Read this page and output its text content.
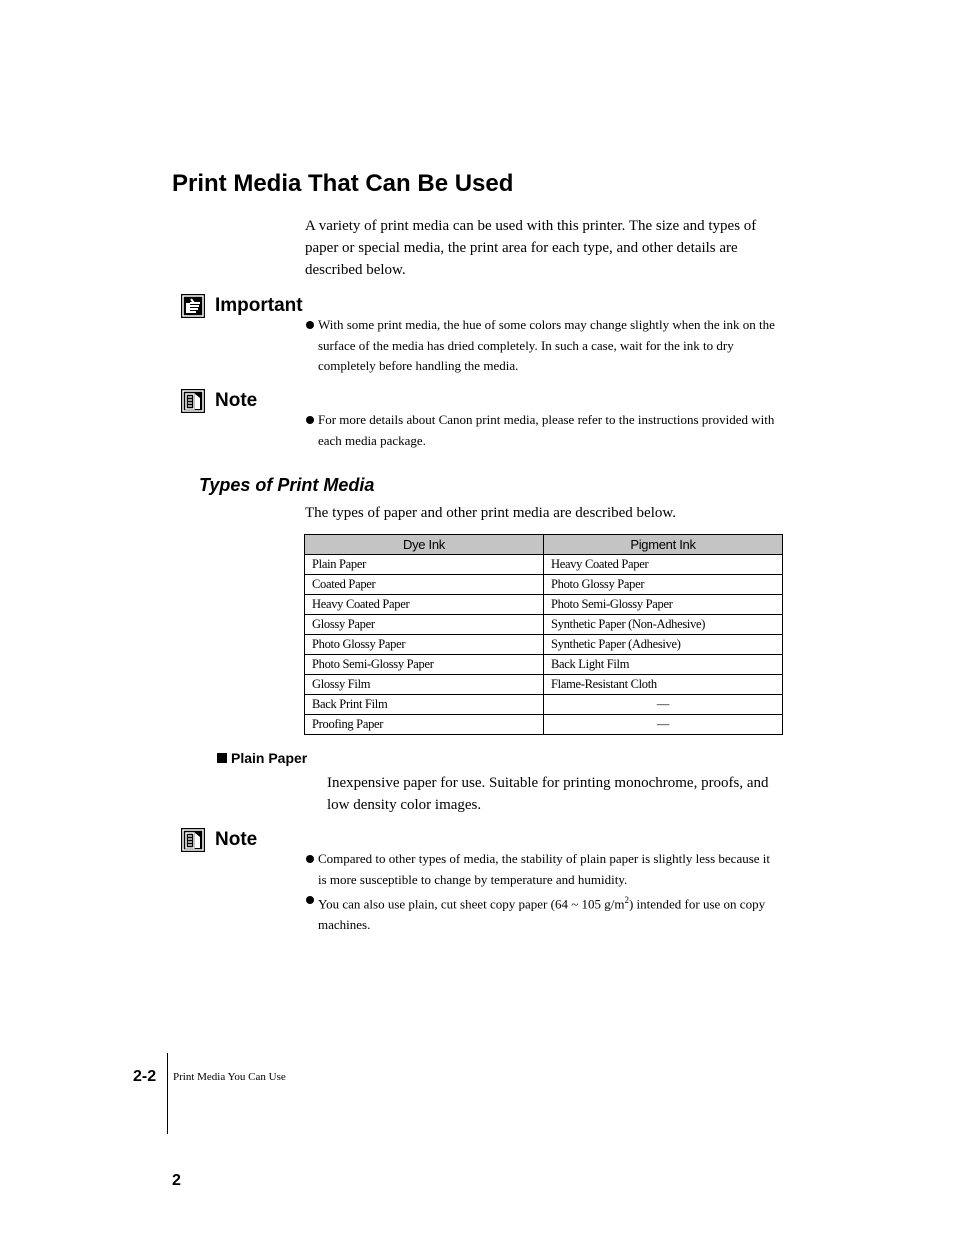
Print Media That Can Be Used
A variety of print media can be used with this printer. The size and types of paper or special media, the print area for each type, and other details are described below.
Important
With some print media, the hue of some colors may change slightly when the ink on the surface of the media has dried completely. In such a case, wait for the ink to dry completely before handling the media.
Note
For more details about Canon print media, please refer to the instructions provided with each media package.
Types of Print Media
The types of paper and other print media are described below.
Dye Ink	Pigment Ink
Plain Paper	Heavy Coated Paper
Coated Paper	Photo Glossy Paper
Heavy Coated Paper	Photo Semi-Glossy Paper
Glossy Paper	Synthetic Paper (Non-Adhesive)
Photo Glossy Paper	Synthetic Paper (Adhesive)
Photo Semi-Glossy Paper	Back Light Film
Glossy Film	Flame-Resistant Cloth
Back Print Film	—
Proofing Paper	—
Plain Paper
Inexpensive paper for use. Suitable for printing monochrome, proofs, and low density color images.
Note
Compared to other types of media, the stability of plain paper is slightly less because it is more susceptible to change by temperature and humidity.
You can also use plain, cut sheet copy paper (64 ~ 105 $g/m^2$) intended for use on copy machines.
2-2 Print Media You Can Use
2
